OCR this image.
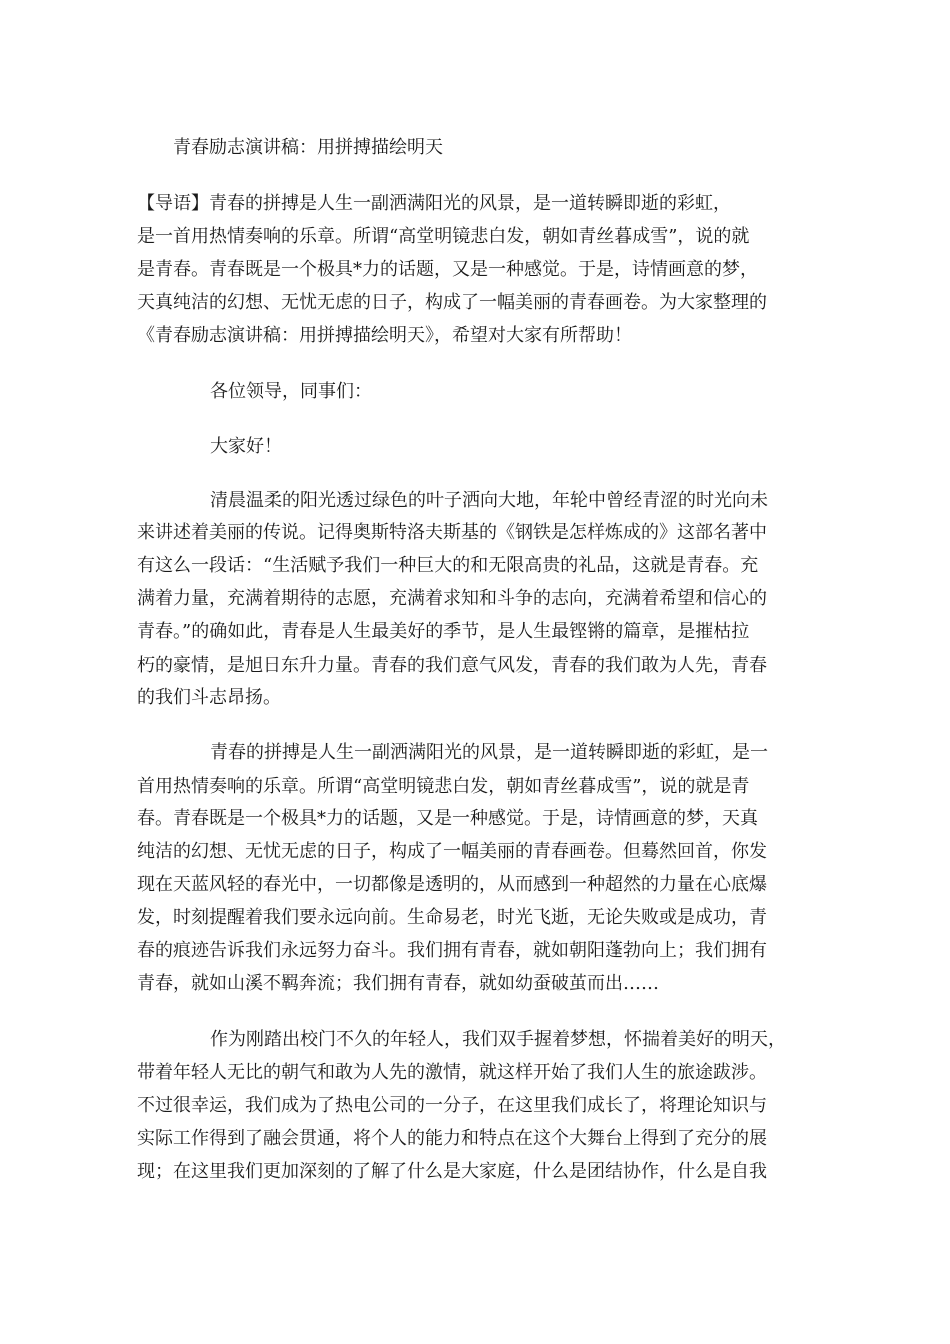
青春励志演讲稿：用拼搏描绘明天
【导语】青春的拼搏是人生一副洒满阳光的风景，是一道转瞬即逝的彩虹，
是一首用热情奏响的乐章。所谓“高堂明镜悲白发，朝如青丝暮成雪”，说的就
是青春。青春既是一个极具*力的话题，又是一种感觉。于是，诗情画意的梦，
天真纯洁的幻想、无忧无虑的日子，构成了一幅美丽的青春画卷。为大家整理的
《青春励志演讲稿：用拼搏描绘明天》，希望对大家有所帮助！
各位领导，同事们：
大家好！
清晨温柔的阳光透过绿色的叶子洒向大地，年轮中曾经青涩的时光向未
来讲述着美丽的传说。记得奥斯特洛夫斯基的《钢铁是怎样炼成的》这部名著中
有这么一段话：“生活赋予我们一种巨大的和无限高贵的礼品，这就是青春。充
满着力量，充满着期待的志愿，充满着求知和斗争的志向，充满着希望和信心的
青春。”的确如此，青春是人生最美好的季节，是人生最铿锵的篇章，是摧枯拉
朽的豪情，是旭日东升力量。青春的我们意气风发，青春的我们敢为人先，青春
的我们斗志昂扬。
青春的拼搏是人生一副洒满阳光的风景，是一道转瞬即逝的彩虹，是一
首用热情奏响的乐章。所谓“高堂明镜悲白发，朝如青丝暮成雪”，说的就是青
春。青春既是一个极具*力的话题，又是一种感觉。于是，诗情画意的梦，天真
纯洁的幻想、无忧无虑的日子，构成了一幅美丽的青春画卷。但蓦然回首，你发
现在天蓝风轻的春光中，一切都像是透明的，从而感到一种超然的力量在心底爆
发，时刻提醒着我们要永远向前。生命易老，时光飞逝，无论失败或是成功，青
春的痕迹告诉我们永远努力奋斗。我们拥有青春，就如朝阳蓬勃向上；我们拥有
青春，就如山溪不羁奔流；我们拥有青春，就如幼蚕破茧而出……
作为刚踏出校门不久的年轻人，我们双手握着梦想，怀揣着美好的明天，
带着年轻人无比的朝气和敢为人先的激情，就这样开始了我们人生的旅途跋涉。
不过很幸运，我们成为了热电公司的一分子，在这里我们成长了，将理论知识与
实际工作得到了融会贯通，将个人的能力和特点在这个大舞台上得到了充分的展
现；在这里我们更加深刻的了解了什么是大家庭，什么是团结协作，什么是自我
